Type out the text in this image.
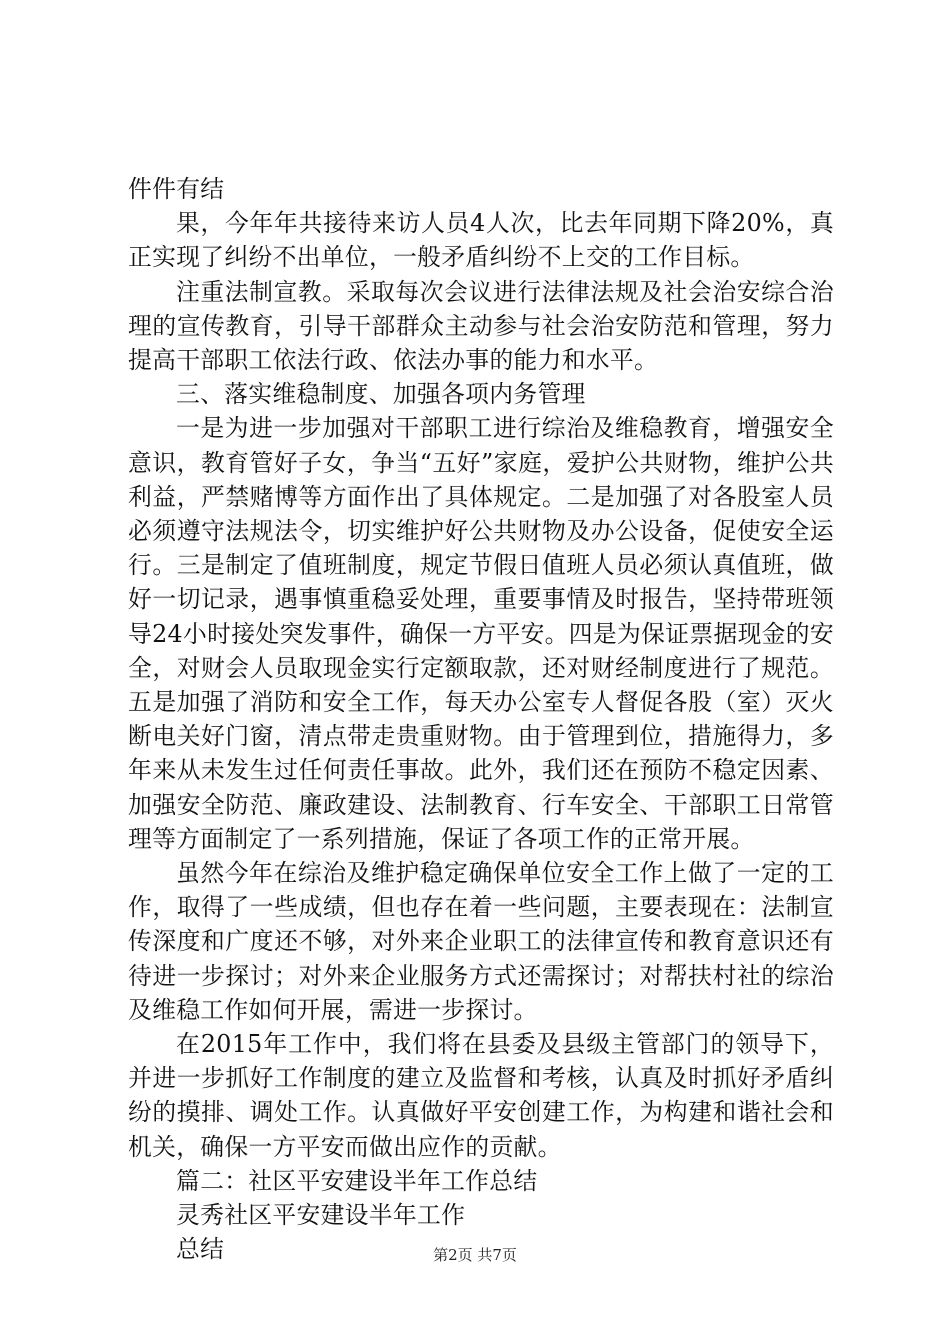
件件有结

果，今年年共接待来访人员4人次，比去年同期下降20%，真正实现了纠纷不出单位，一般矛盾纠纷不上交的工作目标。

注重法制宣教。采取每次会议进行法律法规及社会治安综合治理的宣传教育，引导干部群众主动参与社会治安防范和管理，努力提高干部职工依法行政、依法办事的能力和水平。

三、落实维稳制度、加强各项内务管理

一是为进一步加强对干部职工进行综治及维稳教育，增强安全意识，教育管好子女，争当“五好”家庭，爱护公共财物，维护公共利益，严禁赌博等方面作出了具体规定。二是加强了对各股室人员必须遵守法规法令，切实维护好公共财物及办公设备，促使安全运行。三是制定了值班制度，规定节假日值班人员必须认真值班，做好一切记录，遇事慎重稳妥处理，重要事情及时报告，坚持带班领导24小时接处突发事件，确保一方平安。四是为保证票据现金的安全，对财会人员取现金实行定额取款，还对财经制度进行了规范。五是加强了消防和安全工作，每天办公室专人督促各股（室）灭火断电关好门窗，清点带走贵重财物。由于管理到位，措施得力，多年来从未发生过任何责任事故。此外，我们还在预防不稳定因素、加强安全防范、廉政建设、法制教育、行车安全、干部职工日常管理等方面制定了一系列措施，保证了各项工作的正常开展。

虽然今年在综治及维护稳定确保单位安全工作上做了一定的工作，取得了一些成绩，但也存在着一些问题，主要表现在：法制宣传深度和广度还不够，对外来企业职工的法律宣传和教育意识还有待进一步探讨；对外来企业服务方式还需探讨；对帮扶村社的综治及维稳工作如何开展，需进一步探讨。

在2015年工作中，我们将在县委及县级主管部门的领导下，并进一步抓好工作制度的建立及监督和考核，认真及时抓好矛盾纠纷的摸排、调处工作。认真做好平安创建工作，为构建和谐社会和机关，确保一方平安而做出应作的贡献。

篇二：社区平安建设半年工作总结

灵秀社区平安建设半年工作

总结	第2页 共7页
